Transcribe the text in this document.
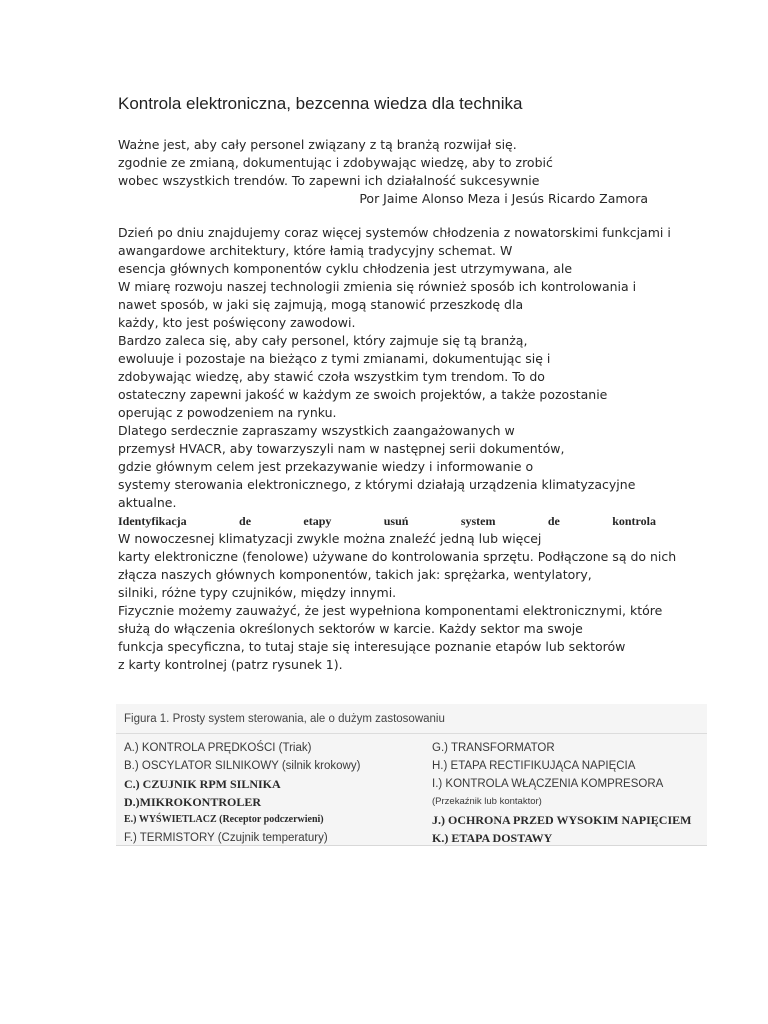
Kontrola elektroniczna, bezcenna wiedza dla technika
Ważne jest, aby cały personel związany z tą branżą rozwijał się.
zgodnie ze zmianą, dokumentując i zdobywając wiedzę, aby to zrobić
wobec wszystkich trendów. To zapewni ich działalność sukcesywnie
Por Jaime Alonso Meza i Jesús Ricardo Zamora
Dzień po dniu znajdujemy coraz więcej systemów chłodzenia z nowatorskimi funkcjami i
awangardowe architektury, które łamią tradycyjny schemat. W
esencja głównych komponentów cyklu chłodzenia jest utrzymywana, ale
W miarę rozwoju naszej technologii zmienia się również sposób ich kontrolowania i
nawet sposób, w jaki się zajmują, mogą stanowić przeszkodę dla
każdy, kto jest poświęcony zawodowi.
Bardzo zaleca się, aby cały personel, który zajmuje się tą branżą,
ewoluuje i pozostaje na bieżąco z tymi zmianami, dokumentując się i
zdobywając wiedzę, aby stawić czoła wszystkim tym trendom. To do
ostateczny zapewni jakość w każdym ze swoich projektów, a także pozostanie
operując z powodzeniem na rynku.
Dlatego serdecznie zapraszamy wszystkich zaangażowanych w
przemysł HVACR, aby towarzyszyli nam w następnej serii dokumentów,
gdzie głównym celem jest przekazywanie wiedzy i informowanie o
systemy sterowania elektronicznego, z którymi działają urządzenia klimatyzacyjne
aktualne.
Identyfikacja	de	etapy	usuń	system	de	kontrola
W nowoczesnej klimatyzacji zwykle można znaleźć jedną lub więcej
karty elektroniczne (fenolowe) używane do kontrolowania sprzętu. Podłączone są do nich
złącza naszych głównych komponentów, takich jak: sprężarka, wentylatory,
silniki, różne typy czujników, między innymi.
Fizycznie możemy zauważyć, że jest wypełniona komponentami elektronicznymi, które
służą do włączenia określonych sektorów w karcie. Każdy sektor ma swoje
funkcja specyficzna, to tutaj staje się interesujące poznanie etapów lub sektorów
z karty kontrolnej (patrz rysunek 1).
Figura 1. Prosty system sterowania, ale o dużym zastosowaniu
A.) KONTROLA PRĘDKOŚCI (Triak)
B.) OSCYLATOR SILNIKOWY (silnik krokowy)
C.) CZUJNIK RPM SILNIKA
D.)MIKROKONTROLER
E.) WYŚWIETLACZ (Receptor podczerwieni)
F.) TERMISTORY (Czujnik temperatury)
G.) TRANSFORMATOR
H.) ETAPA RECTIFIKUJĄCA NAPIĘCIA
I.) KONTROLA WŁĄCZENIA KOMPRESORA
(Przekaźnik lub kontaktor)
J.) OCHRONA PRZED WYSOKIM NAPIĘCIEM
K.) ETAPA DOSTAWY
